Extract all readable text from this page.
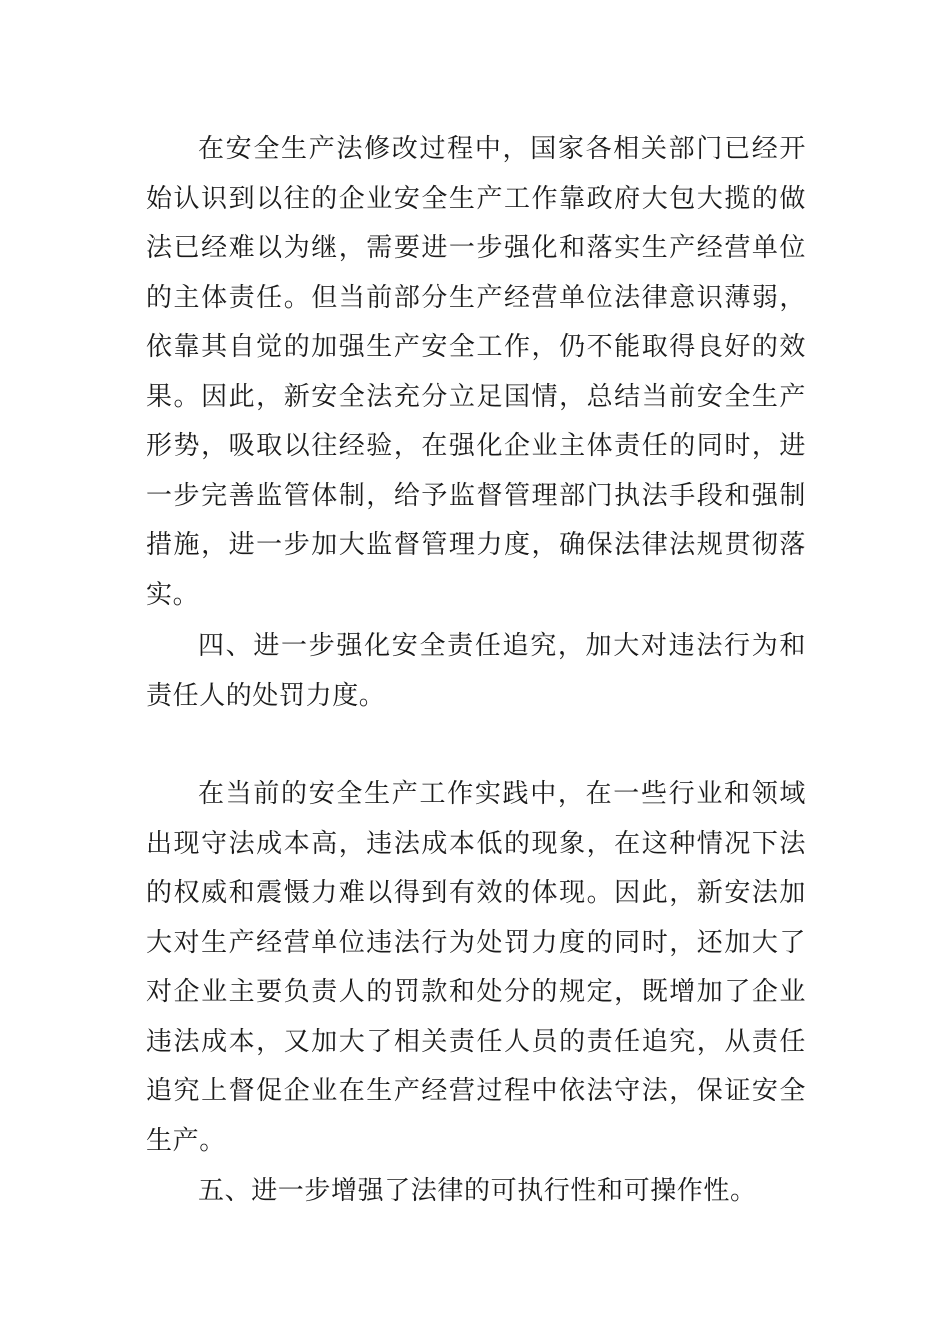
在安全生产法修改过程中，国家各相关部门已经开始认识到以往的企业安全生产工作靠政府大包大揽的做法已经难以为继，需要进一步强化和落实生产经营单位的主体责任。但当前部分生产经营单位法律意识薄弱，依靠其自觉的加强生产安全工作，仍不能取得良好的效果。因此，新安全法充分立足国情，总结当前安全生产形势，吸取以往经验，在强化企业主体责任的同时，进一步完善监管体制，给予监督管理部门执法手段和强制措施，进一步加大监督管理力度，确保法律法规贯彻落实。

四、进一步强化安全责任追究，加大对违法行为和责任人的处罚力度。

在当前的安全生产工作实践中，在一些行业和领域出现守法成本高，违法成本低的现象，在这种情况下法的权威和震慑力难以得到有效的体现。因此，新安法加大对生产经营单位违法行为处罚力度的同时，还加大了对企业主要负责人的罚款和处分的规定，既增加了企业违法成本，又加大了相关责任人员的责任追究，从责任追究上督促企业在生产经营过程中依法守法，保证安全生产。

五、进一步增强了法律的可执行性和可操作性。
